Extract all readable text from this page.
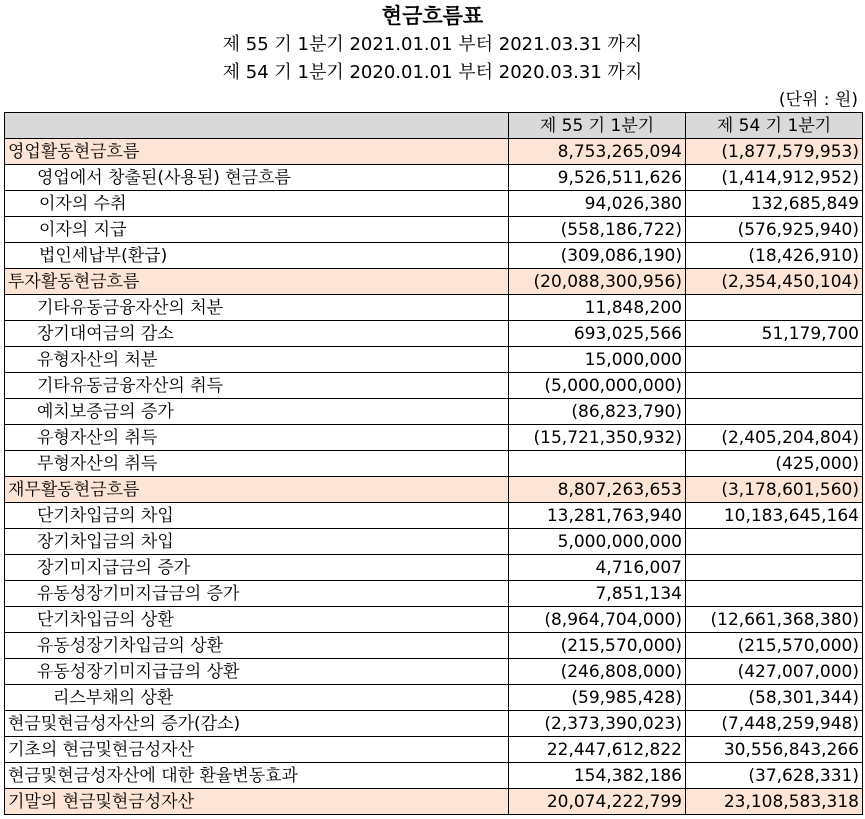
현금흐름표
제 55 기 1분기 2021.01.01 부터 2021.03.31 까지
제 54 기 1분기 2020.01.01 부터 2020.03.31 까지
(단위 : 원)
	제 55 기 1분기	제 54 기 1분기
영업활동현금흐름	8,753,265,094	(1,877,579,953)
영업에서 창출된(사용된) 현금흐름	9,526,511,626	(1,414,912,952)
이자의 수취	94,026,380	132,685,849
이자의 지급	(558,186,722)	(576,925,940)
법인세납부(환급)	(309,086,190)	(18,426,910)
투자활동현금흐름	(20,088,300,956)	(2,354,450,104)
기타유동금융자산의 처분	11,848,200	
장기대여금의 감소	693,025,566	51,179,700
유형자산의 처분	15,000,000	
기타유동금융자산의 취득	(5,000,000,000)	
예치보증금의 증가	(86,823,790)	
유형자산의 취득	(15,721,350,932)	(2,405,204,804)
무형자산의 취득		(425,000)
재무활동현금흐름	8,807,263,653	(3,178,601,560)
단기차입금의 차입	13,281,763,940	10,183,645,164
장기차입금의 차입	5,000,000,000	
장기미지급금의 증가	4,716,007	
유동성장기미지급금의 증가	7,851,134	
단기차입금의 상환	(8,964,704,000)	(12,661,368,380)
유동성장기차입금의 상환	(215,570,000)	(215,570,000)
유동성장기미지급금의 상환	(246,808,000)	(427,007,000)
리스부채의 상환	(59,985,428)	(58,301,344)
현금및현금성자산의 증가(감소)	(2,373,390,023)	(7,448,259,948)
기초의 현금및현금성자산	22,447,612,822	30,556,843,266
현금및현금성자산에 대한 환율변동효과	154,382,186	(37,628,331)
기말의 현금및현금성자산	20,074,222,799	23,108,583,318
